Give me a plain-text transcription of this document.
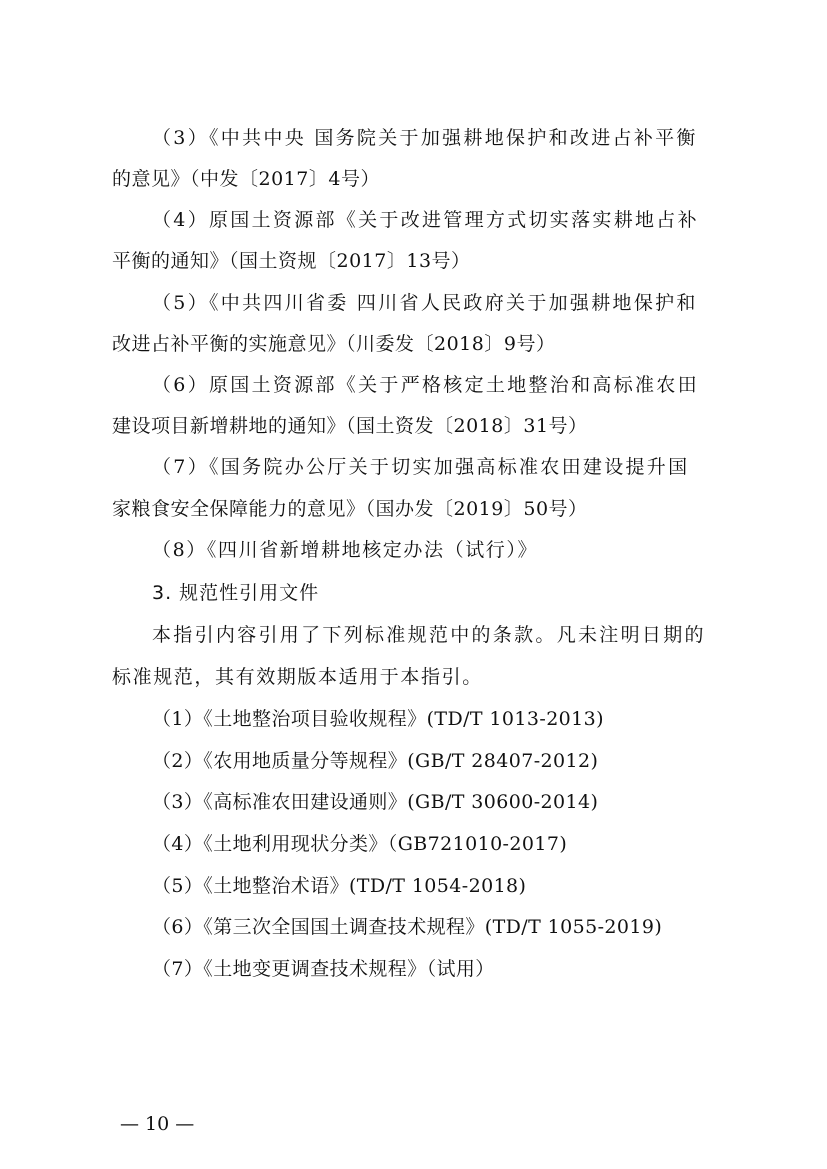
（3）《中共中央 国务院关于加强耕地保护和改进占补平衡
的意见》（中发〔2017〕4号）
（4）原国土资源部《关于改进管理方式切实落实耕地占补
平衡的通知》（国土资规〔2017〕13号）
（5）《中共四川省委 四川省人民政府关于加强耕地保护和
改进占补平衡的实施意见》（川委发〔2018〕9号）
（6）原国土资源部《关于严格核定土地整治和高标准农田
建设项目新增耕地的通知》（国土资发〔2018〕31号）
（7）《国务院办公厅关于切实加强高标准农田建设提升国
家粮食安全保障能力的意见》（国办发〔2019〕50号）
（8）《四川省新增耕地核定办法（试行）》
3. 规范性引用文件
本指引内容引用了下列标准规范中的条款。凡未注明日期的
标准规范，其有效期版本适用于本指引。
（1）《土地整治项目验收规程》(TD/T 1013-2013)
（2）《农用地质量分等规程》(GB/T 28407-2012)
（3）《高标准农田建设通则》(GB/T 30600-2014)
（4）《土地利用现状分类》（GB721010-2017)
（5）《土地整治术语》(TD/T 1054-2018)
（6）《第三次全国国土调查技术规程》(TD/T 1055-2019)
（7）《土地变更调查技术规程》（试用）
— 10 —
